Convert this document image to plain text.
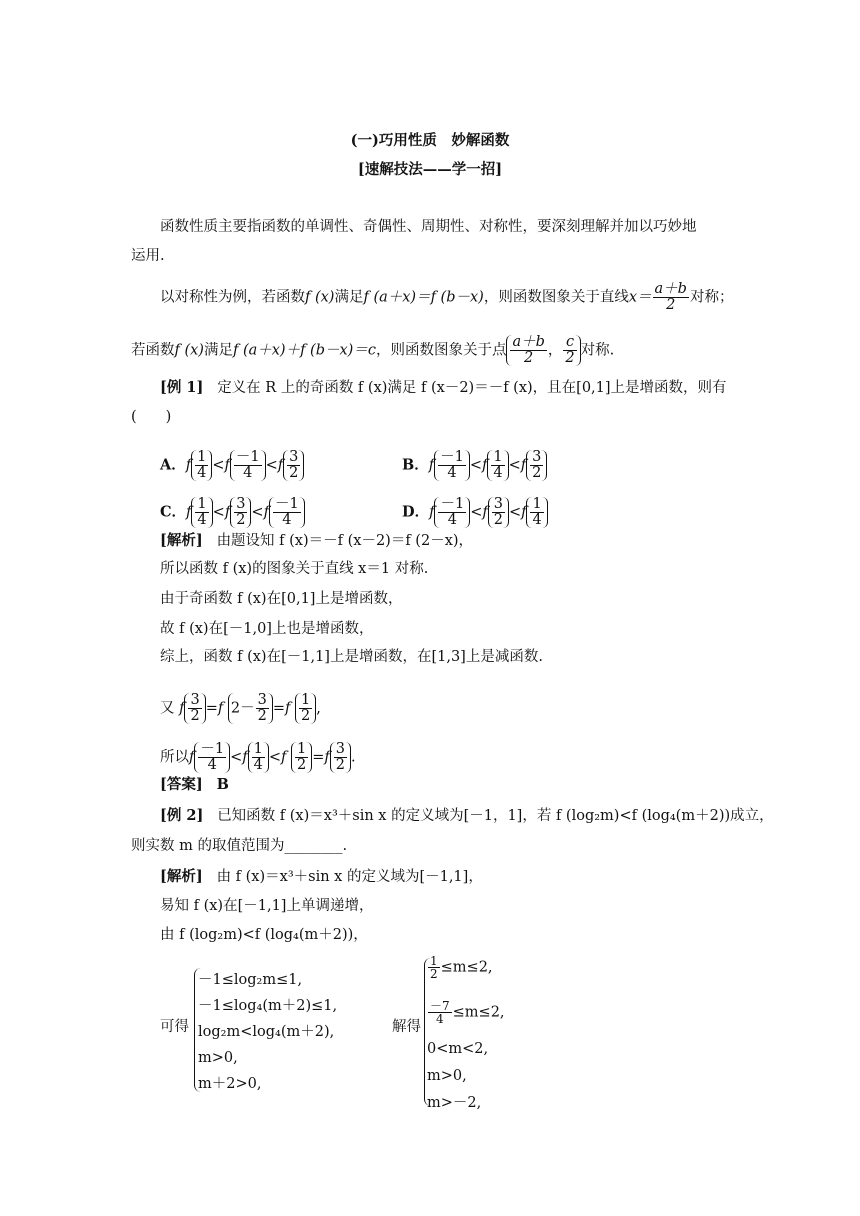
(一)巧用性质　妙解函数
[速解技法——学一招]
函数性质主要指函数的单调性、奇偶性、周期性、对称性，要深刻理解并加以巧妙地
运用.
以对称性为例，若函数f (x)满足f (a＋x)＝f (b－x)，则函数图象关于直线$x= \frac{a+b}{2}$ 对称；
若函数f (x)满足f (a＋x)＋f (b－x)＝c，则函数图象关于点 $\frac{a+b}{2}$ ， $\frac{c}{2}$ 对称.
[例 1] 定义在 R 上的奇函数 f (x)满足 f (x－2)＝－f (x)，且在[0,1]上是增函数，则有
(　　)
A．f $\frac{1}{4} <f \frac{-1}{4} <f \frac{3}{2}$	B．f $\frac{-1}{4} <f \frac{1}{4} <f \frac{3}{2}$
C．f $\frac{1}{4} <f \frac{3}{2} <f \frac{-1}{4}$	D．f $\frac{-1}{4} <f \frac{3}{2} <f \frac{1}{4}$
[解析] 由题设知 f (x)＝－f (x－2)＝f (2－x)，
所以函数 f (x)的图象关于直线 x＝1 对称.
由于奇函数 f (x)在[0,1]上是增函数，
故 f (x)在[－1,0]上也是增函数，
综上，函数 f (x)在[－1,1]上是增函数，在[1,3]上是减函数.
又 f $\frac{3}{2} =f$ $2- \frac{3}{2} =f \frac{1}{2}$ ,
所以f $\frac{-1}{4} <f \frac{1}{4} <f \frac{1}{2} =f \frac{3}{2}$ .
[答案] B
[例 2] 已知函数 f (x)＝x³＋sin x 的定义域为[－1，1]，若 f (log₂m)<f (log₄(m＋2))成立，
则实数 m 的取值范围为________.
[解析] 由 f (x)＝x³＋sin x 的定义域为[－1,1]，
易知 f (x)在[－1,1]上单调递增，
由 f (log₂m)<f (log₄(m＋2))，
可得
－1≤log₂m≤1,
－1≤log₄(m＋2)≤1,
log₂m<log₄(m＋2),
m>0,
m＋2>0,
解得
$\frac{1}{2} \le m\le 2$,
$\frac{-7}{4} \le m\le 2$,
0<m<2,
m>0,
m>－2,
